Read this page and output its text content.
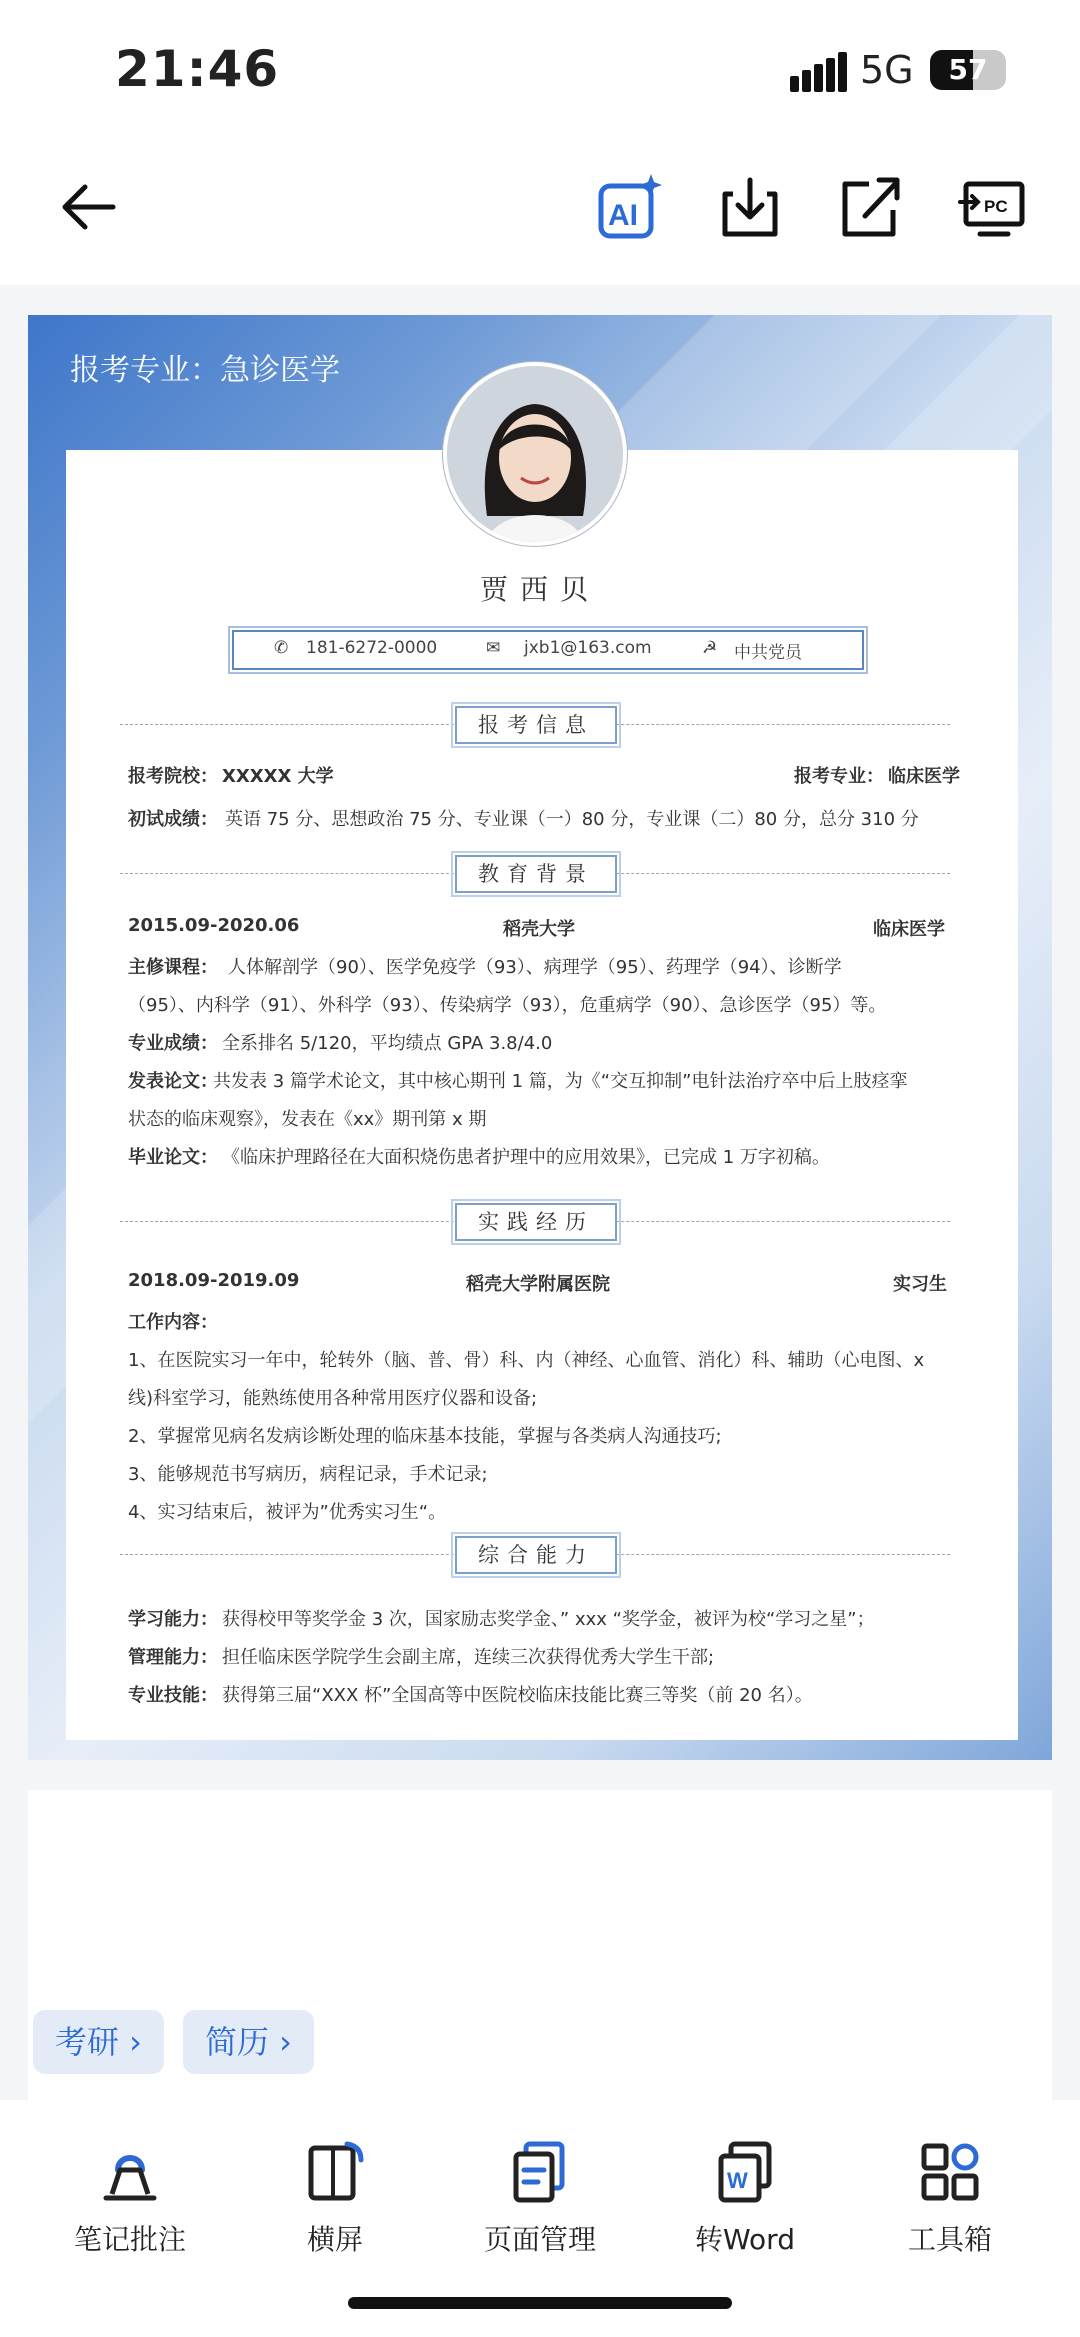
21:46	5G	57
AI	PC
报考专业：急诊医学
贾西贝
✆ 181-6272-0000	✉ jxb1@163.com	☭ 中共党员
报考信息
报考院校： XXXXX 大学	报考专业： 临床医学
初试成绩： 英语 75 分、思想政治 75 分、专业课（一）80 分，专业课（二）80 分，总分 310 分
教育背景
2015.09-2020.06	稻壳大学	临床医学
主修课程： 人体解剖学（90）、医学免疫学（93）、病理学（95）、药理学（94）、诊断学
（95）、内科学（91）、外科学（93）、传染病学（93），危重病学（90）、急诊医学（95）等。
专业成绩： 全系排名 5/120，平均绩点 GPA 3.8/4.0
发表论文：
共发表 3 篇学术论文，其中核心期刊 1 篇，为《“交互抑制”电针法治疗卒中后上肢痉挛
状态的临床观察》，发表在《xx》期刊第 x 期
毕业论文： 《临床护理路径在大面积烧伤患者护理中的应用效果》，已完成 1 万字初稿。
实践经历
2018.09-2019.09	稻壳大学附属医院	实习生
工作内容：
1、在医院实习一年中，轮转外（脑、普、骨）科、内（神经、心血管、消化）科、辅助（心电图、x
线)科室学习，能熟练使用各种常用医疗仪器和设备;
2、掌握常见病名发病诊断处理的临床基本技能，掌握与各类病人沟通技巧;
3、能够规范书写病历，病程记录，手术记录;
4、实习结束后，被评为”优秀实习生“。
综合能力
学习能力： 获得校甲等奖学金 3 次，国家励志奖学金、” xxx “奖学金，被评为校“学习之星”；
管理能力： 担任临床医学院学生会副主席，连续三次获得优秀大学生干部;
专业技能： 获得第三届“XXX 杯”全国高等中医院校临床技能比赛三等奖（前 20 名）。
考研 ›	简历 ›
笔记批注	横屏	页面管理
W
转Word	工具箱
